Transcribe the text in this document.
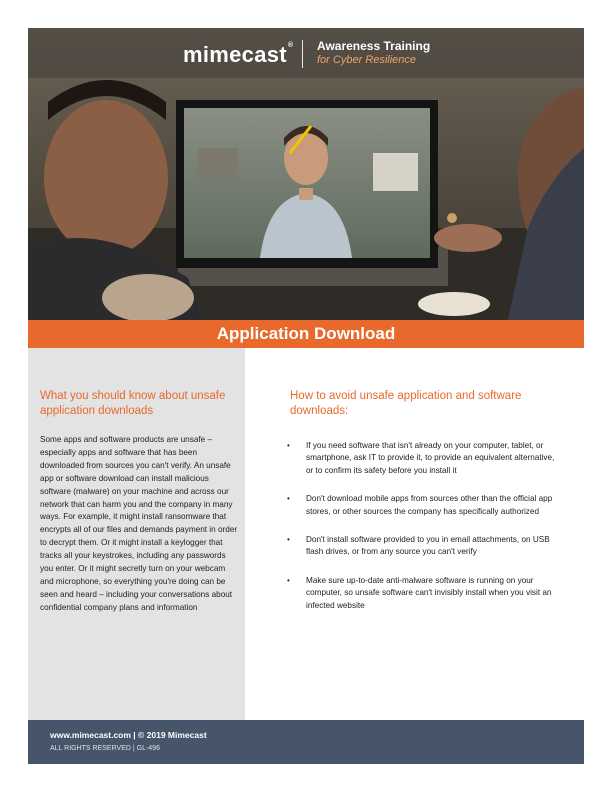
mimecast® Awareness Training
for Cyber Resilience
Application Download
What you should know about unsafe application downloads
Some apps and software products are unsafe – especially apps and software that has been downloaded from sources you can't verify. An unsafe app or software download can install malicious software (malware) on your machine and across our network that can harm you and the company in many ways. For example, it might install ransomware that encrypts all of our files and demands payment in order to decrypt them. Or it might install a keylogger that tracks all your keystrokes, including any passwords you enter. Or it might secretly turn on your webcam and microphone, so everything you're doing can be seen and heard – including your conversations about confidential company plans and information
How to avoid unsafe application and software downloads:
• If you need software that isn't already on your computer, tablet, or smartphone, ask IT to provide it, to provide an equivalent alternative, or to confirm its safety before you install it
• Don't download mobile apps from sources other than the official app stores, or other sources the company has specifically authorized
• Don't install software provided to you in email attachments, on USB flash drives, or from any source you can't verify
• Make sure up-to-date anti-malware software is running on your computer, so unsafe software can't invisibly install when you visit an infected website
www.mimecast.com | © 2019 Mimecast
ALL RIGHTS RESERVED | GL-496
